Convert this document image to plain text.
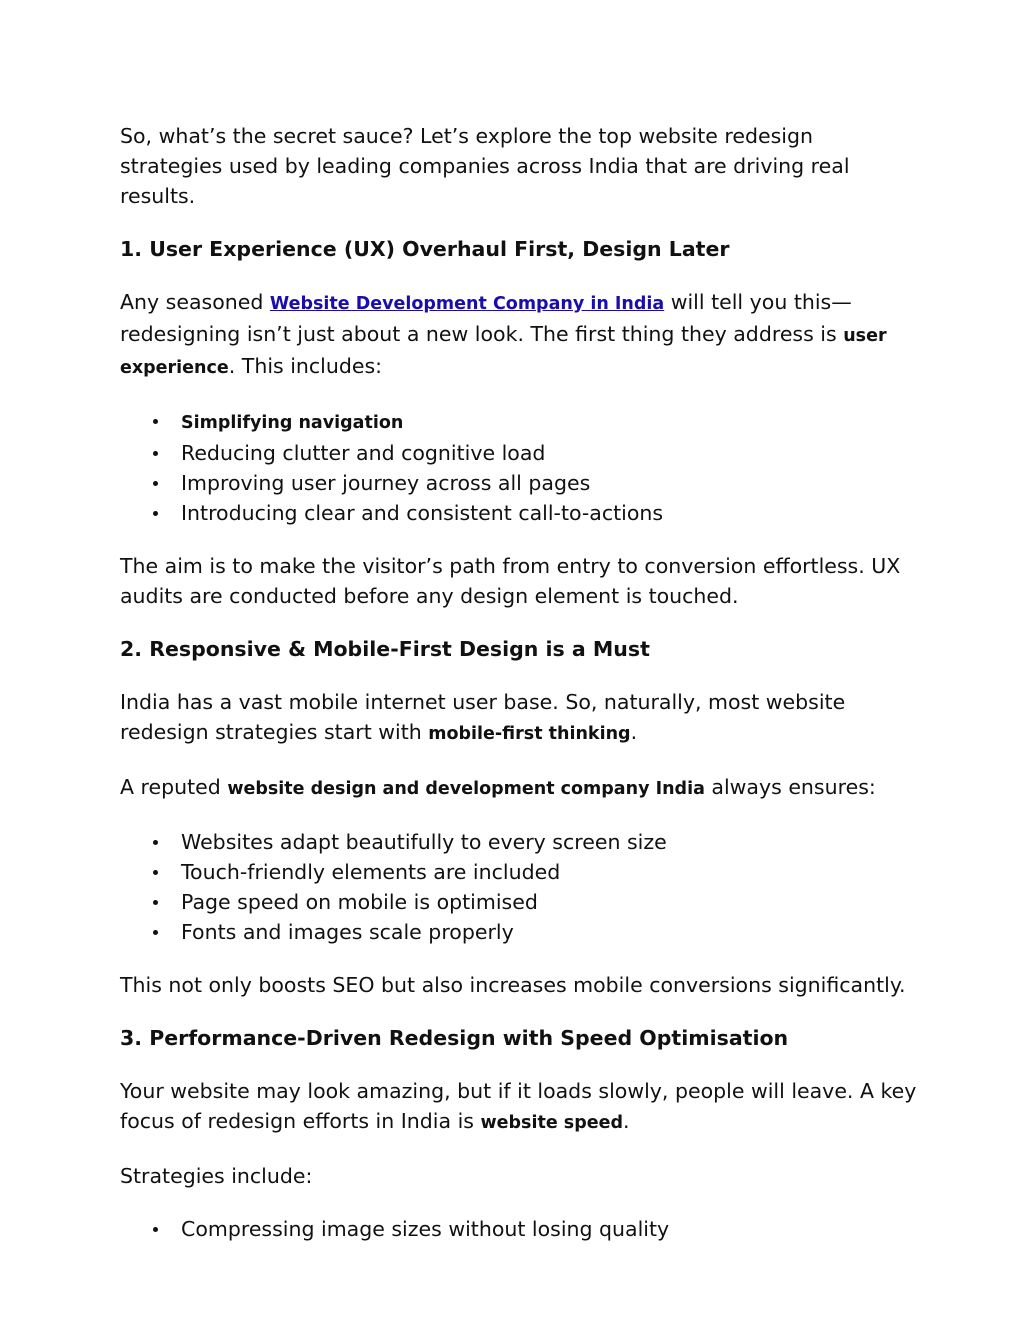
So, what’s the secret sauce? Let’s explore the top website redesign strategies used by leading companies across India that are driving real results.

1. User Experience (UX) Overhaul First, Design Later

Any seasoned Website Development Company in India will tell you this—redesigning isn’t just about a new look. The first thing they address is user experience. This includes:

Simplifying navigation
Reducing clutter and cognitive load
Improving user journey across all pages
Introducing clear and consistent call-to-actions

The aim is to make the visitor’s path from entry to conversion effortless. UX audits are conducted before any design element is touched.

2. Responsive & Mobile-First Design is a Must

India has a vast mobile internet user base. So, naturally, most website redesign strategies start with mobile-first thinking.

A reputed website design and development company India always ensures:

Websites adapt beautifully to every screen size
Touch-friendly elements are included
Page speed on mobile is optimised
Fonts and images scale properly

This not only boosts SEO but also increases mobile conversions significantly.

3. Performance-Driven Redesign with Speed Optimisation

Your website may look amazing, but if it loads slowly, people will leave. A key focus of redesign efforts in India is website speed.

Strategies include:

Compressing image sizes without losing quality
